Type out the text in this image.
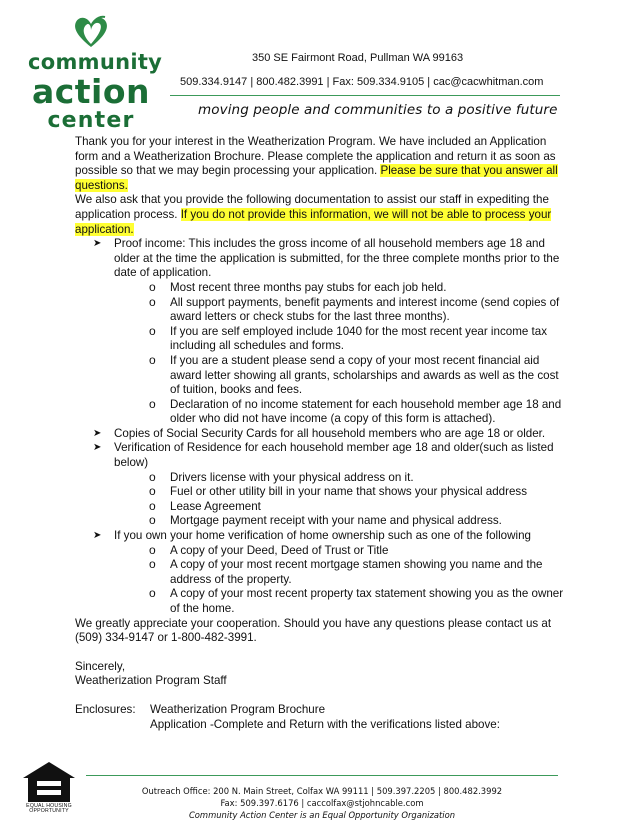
community
action
center
350 SE Fairmont Road, Pullman WA 99163
509.334.9147 | 800.482.3991 | Fax: 509.334.9105 | cac@cacwhitman.com
moving people and communities to a positive future

Thank you for your interest in the Weatherization Program. We have included an Application form and a Weatherization Brochure. Please complete the application and return it as soon as possible so that we may begin processing your application. Please be sure that you answer all questions.

We also ask that you provide the following documentation to assist our staff in expediting the application process. If you do not provide this information, we will not be able to process your application.

➤ Proof income: This includes the gross income of all household members age 18 and older at the time the application is submitted, for the three complete months prior to the date of application.
o Most recent three months pay stubs for each job held.
o All support payments, benefit payments and interest income (send copies of award letters or check stubs for the last three months).
o If you are self employed include 1040 for the most recent year income tax including all schedules and forms.
o If you are a student please send a copy of your most recent financial aid award letter showing all grants, scholarships and awards as well as the cost of tuition, books and fees.
o Declaration of no income statement for each household member age 18 and older who did not have income (a copy of this form is attached).
➤ Copies of Social Security Cards for all household members who are age 18 or older.
➤ Verification of Residence for each household member age 18 and older(such as listed below)
o Drivers license with your physical address on it.
o Fuel or other utility bill in your name that shows your physical address
o Lease Agreement
o Mortgage payment receipt with your name and physical address.
➤ If you own your home verification of home ownership such as one of the following
o A copy of your Deed, Deed of Trust or Title
o A copy of your most recent mortgage stamen showing you name and the address of the property.
o A copy of your most recent property tax statement showing you as the owner of the home.

We greatly appreciate your cooperation. Should you have any questions please contact us at (509) 334-9147 or 1-800-482-3991.

Sincerely,

Weatherization Program Staff

Enclosures:	Weatherization Program Brochure

Application -Complete and Return with the verifications listed above:

EQUAL HOUSING OPPORTUNITY
Outreach Office: 200 N. Main Street, Colfax WA 99111 | 509.397.2205 | 800.482.3992
Fax: 509.397.6176 | caccolfax@stjohncable.com
Community Action Center is an Equal Opportunity Organization
